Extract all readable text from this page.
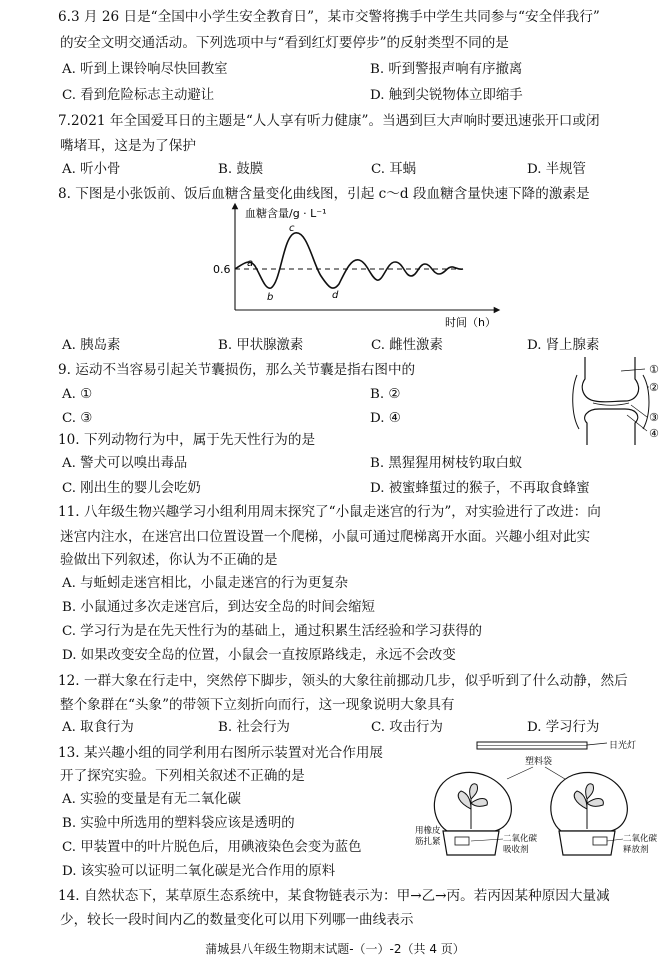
6.3 月 26 日是“全国中小学生安全教育日”，某市交警将携手中学生共同参与“安全伴我行”
的安全文明交通活动。下列选项中与“看到红灯要停步”的反射类型不同的是
A. 听到上课铃响尽快回教室	B. 听到警报声响有序撤离
C. 看到危险标志主动避让	D. 触到尖锐物体立即缩手
7.2021 年全国爱耳日的主题是“人人享有听力健康”。当遇到巨大声响时要迅速张开口或闭
嘴堵耳，这是为了保护
A. 听小骨	B. 鼓膜	C. 耳蜗	D. 半规管
8. 下图是小张饭前、饭后血糖含量变化曲线图，引起 c～d 段血糖含量快速下降的激素是
血糖含量/g · L⁻¹
时间（h）
0.6 a
b
c
d
A. 胰岛素	B. 甲状腺激素	C. 雌性激素	D. 肾上腺素
9. 运动不当容易引起关节囊损伤，那么关节囊是指右图中的
A. ①	B. ②
C. ③	D. ④
①
②
③
④
10. 下列动物行为中，属于先天性行为的是
A. 警犬可以嗅出毒品	B. 黑猩猩用树枝钓取白蚁
C. 刚出生的婴儿会吃奶	D. 被蜜蜂蜇过的猴子，不再取食蜂蜜
11. 八年级生物兴趣学习小组利用周末探究了“小鼠走迷宫的行为”，对实验进行了改进：向
迷宫内注水，在迷宫出口位置设置一个爬梯，小鼠可通过爬梯离开水面。兴趣小组对此实
验做出下列叙述，你认为不正确的是
A. 与蚯蚓走迷宫相比，小鼠走迷宫的行为更复杂
B. 小鼠通过多次走迷宫后，到达安全岛的时间会缩短
C. 学习行为是在先天性行为的基础上，通过积累生活经验和学习获得的
D. 如果改变安全岛的位置，小鼠会一直按原路线走，永远不会改变
12. 一群大象在行走中，突然停下脚步，领头的大象往前挪动几步，似乎听到了什么动静，然后
整个象群在“头象”的带领下立刻折向而行，这一现象说明大象具有
A. 取食行为	B. 社会行为	C. 攻击行为	D. 学习行为
13. 某兴趣小组的同学利用右图所示装置对光合作用展
开了探究实验。下列相关叙述不正确的是
A. 实验的变量是有无二氧化碳
B. 实验中所选用的塑料袋应该是透明的
C. 甲装置中的叶片脱色后，用碘液染色会变为蓝色
D. 该实验可以证明二氧化碳是光合作用的原料
日光灯
塑料袋
用橡皮
筋扎紧	二氧化碳
吸收剂
二氧化碳
释放剂
14. 自然状态下，某草原生态系统中，某食物链表示为：甲→乙→丙。若丙因某种原因大量减
少，较长一段时间内乙的数量变化可以用下列哪一曲线表示
蒲城县八年级生物期末试题-（一）-2（共 4 页）
